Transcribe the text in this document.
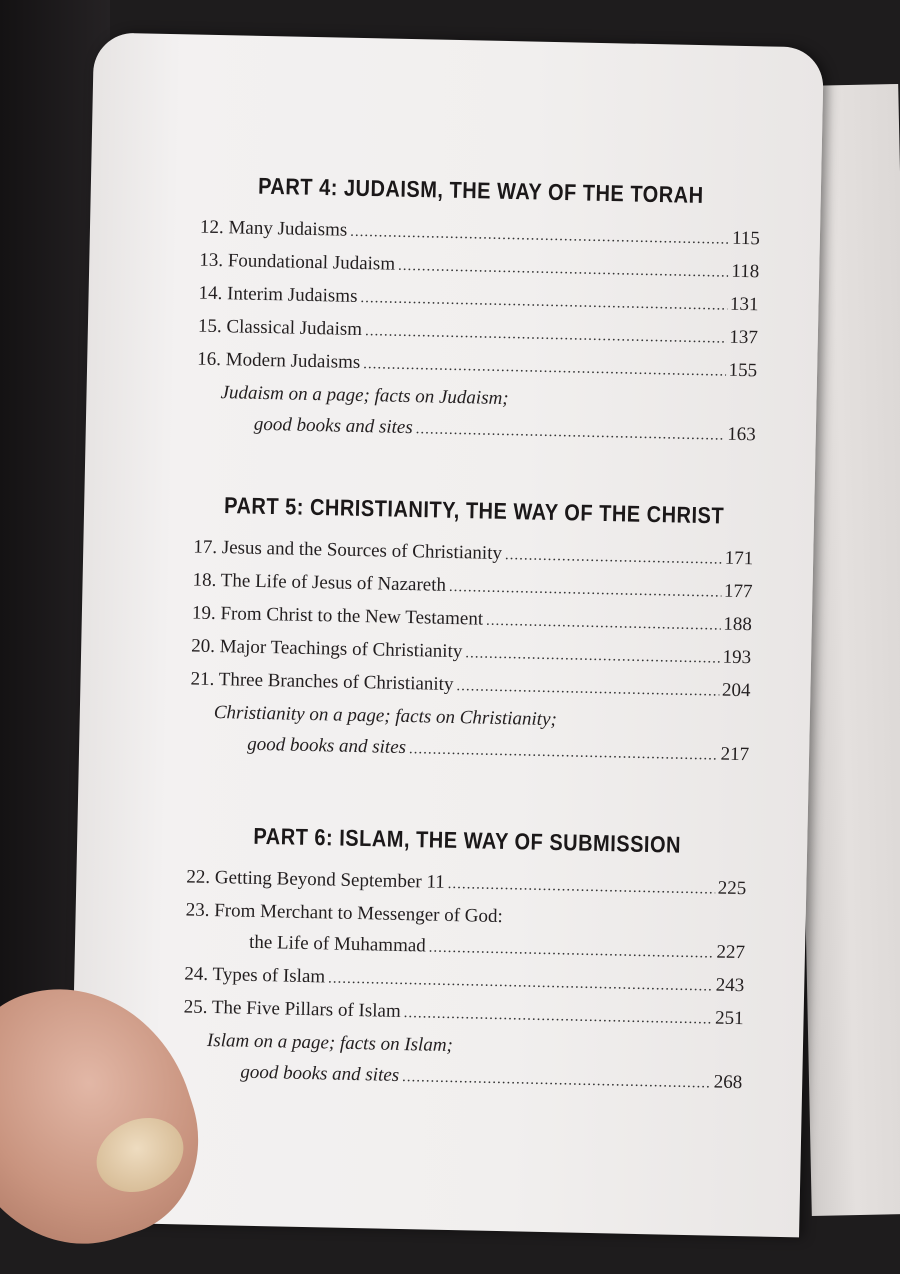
PART 4: JUDAISM, THE WAY OF THE TORAH
12. Many Judaisms .....	115
13. Foundational Judaism .....	118
14. Interim Judaisms .....	131
15. Classical Judaism .....	137
16. Modern Judaisms .....	155
Judaism on a page; facts on Judaism;
good books and sites .....	163
PART 5: CHRISTIANITY, THE WAY OF THE CHRIST
17. Jesus and the Sources of Christianity .....	171
18. The Life of Jesus of Nazareth .....	177
19. From Christ to the New Testament .....	188
20. Major Teachings of Christianity .....	193
21. Three Branches of Christianity .....	204
Christianity on a page; facts on Christianity;
good books and sites .....	217
PART 6: ISLAM, THE WAY OF SUBMISSION
22. Getting Beyond September 11 .....	225
23. From Merchant to Messenger of God:
the Life of Muhammad .....	227
24. Types of Islam .....	243
25. The Five Pillars of Islam .....	251
Islam on a page; facts on Islam;
good books and sites .....	268
